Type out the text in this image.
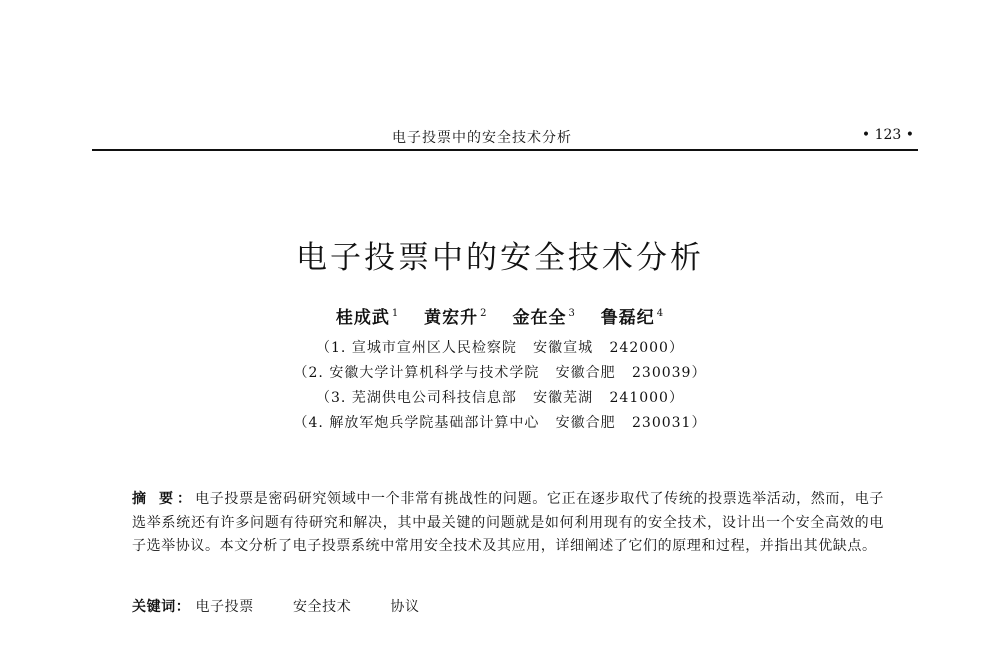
电子投票中的安全技术分析	• 123 •
电子投票中的安全技术分析
桂成武 $^1$ 黄宏升 $^2$ 金在全 $^3$ 鲁磊纪 $^4$
（1. 宣城市宣州区人民检察院   安徽宣城   242000）
（2. 安徽大学计算机科学与技术学院   安徽合肥   230039）
（3. 芜湖供电公司科技信息部   安徽芜湖   241000）
（4. 解放军炮兵学院基础部计算中心   安徽合肥   230031）
摘 要：电子投票是密码研究领域中一个非常有挑战性的问题。它正在逐步取代了传统的投票选举活动，然而，电子选举系统还有许多问题有待研究和解决，其中最关键的问题就是如何利用现有的安全技术，设计出一个安全高效的电子选举协议。本文分析了电子投票系统中常用安全技术及其应用，详细阐述了它们的原理和过程，并指出其优缺点。
关键词： 电子投票	安全技术	协议
